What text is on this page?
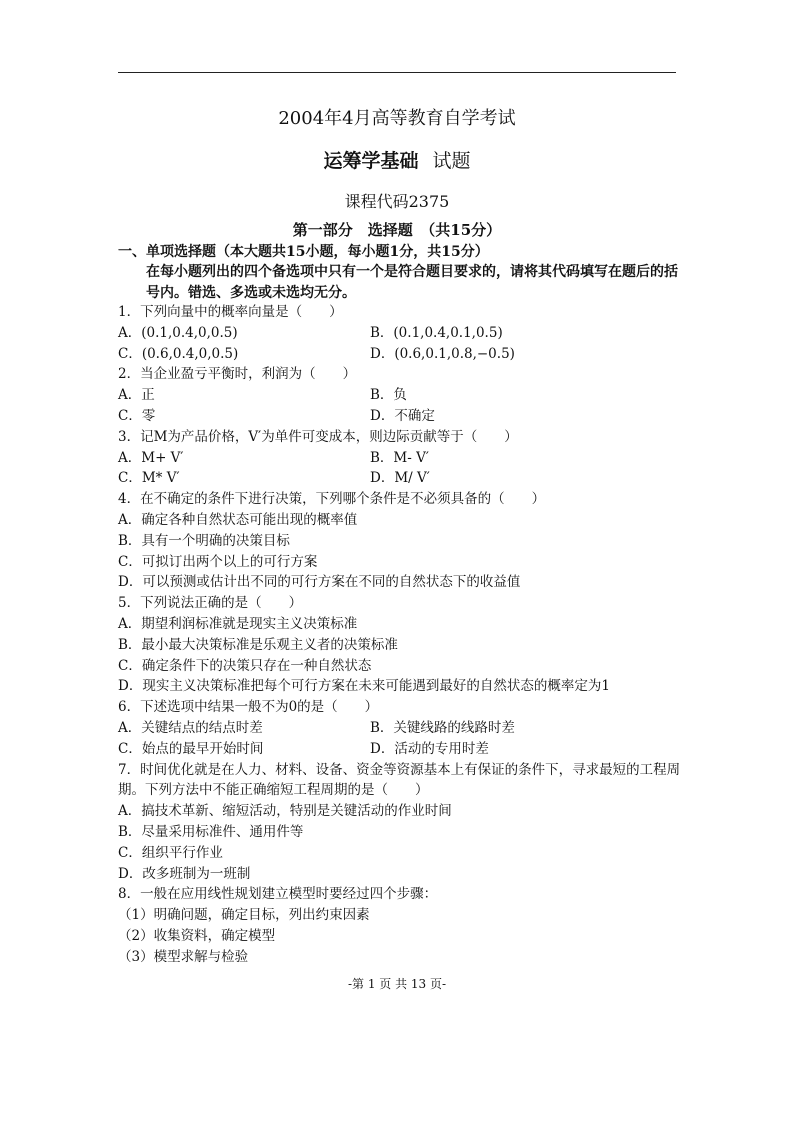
2004年4月高等教育自学考试
运筹学基础 试题
课程代码2375
第一部分　选择题　（共15分）
一、单项选择题（本大题共15小题，每小题1分，共15分）
在每小题列出的四个备选项中只有一个是符合题目要求的，请将其代码填写在题后的括号内。错选、多选或未选均无分。
1．下列向量中的概率向量是（　　）
A．(0.1,0.4,0,0.5)	B．(0.1,0.4,0.1,0.5)
C．(0.6,0.4,0,0.5)	D．(0.6,0.1,0.8,−0.5)
2．当企业盈亏平衡时，利润为（　　）
A．正	B．负
C．零	D．不确定
3．记M为产品价格，V′为单件可变成本，则边际贡献等于（　　）
A．M+ V′	B．M- V′
C．M* V′	D．M/ V′
4．在不确定的条件下进行决策，下列哪个条件是不必须具备的（　　）
A．确定各种自然状态可能出现的概率值
B．具有一个明确的决策目标
C．可拟订出两个以上的可行方案
D．可以预测或估计出不同的可行方案在不同的自然状态下的收益值
5．下列说法正确的是（　　）
A．期望利润标准就是现实主义决策标准
B．最小最大决策标准是乐观主义者的决策标准
C．确定条件下的决策只存在一种自然状态
D．现实主义决策标准把每个可行方案在未来可能遇到最好的自然状态的概率定为1
6．下述选项中结果一般不为0的是（　　）
A．关键结点的结点时差	B．关键线路的线路时差
C．始点的最早开始时间	D．活动的专用时差
7．时间优化就是在人力、材料、设备、资金等资源基本上有保证的条件下，寻求最短的工程周期。下列方法中不能正确缩短工程周期的是（　　）
A．搞技术革新、缩短活动，特别是关键活动的作业时间
B．尽量采用标准件、通用件等
C．组织平行作业
D．改多班制为一班制
8．一般在应用线性规划建立模型时要经过四个步骤：
（1）明确问题，确定目标，列出约束因素
（2）收集资料，确定模型
（3）模型求解与检验
-第 1 页 共 13 页-
